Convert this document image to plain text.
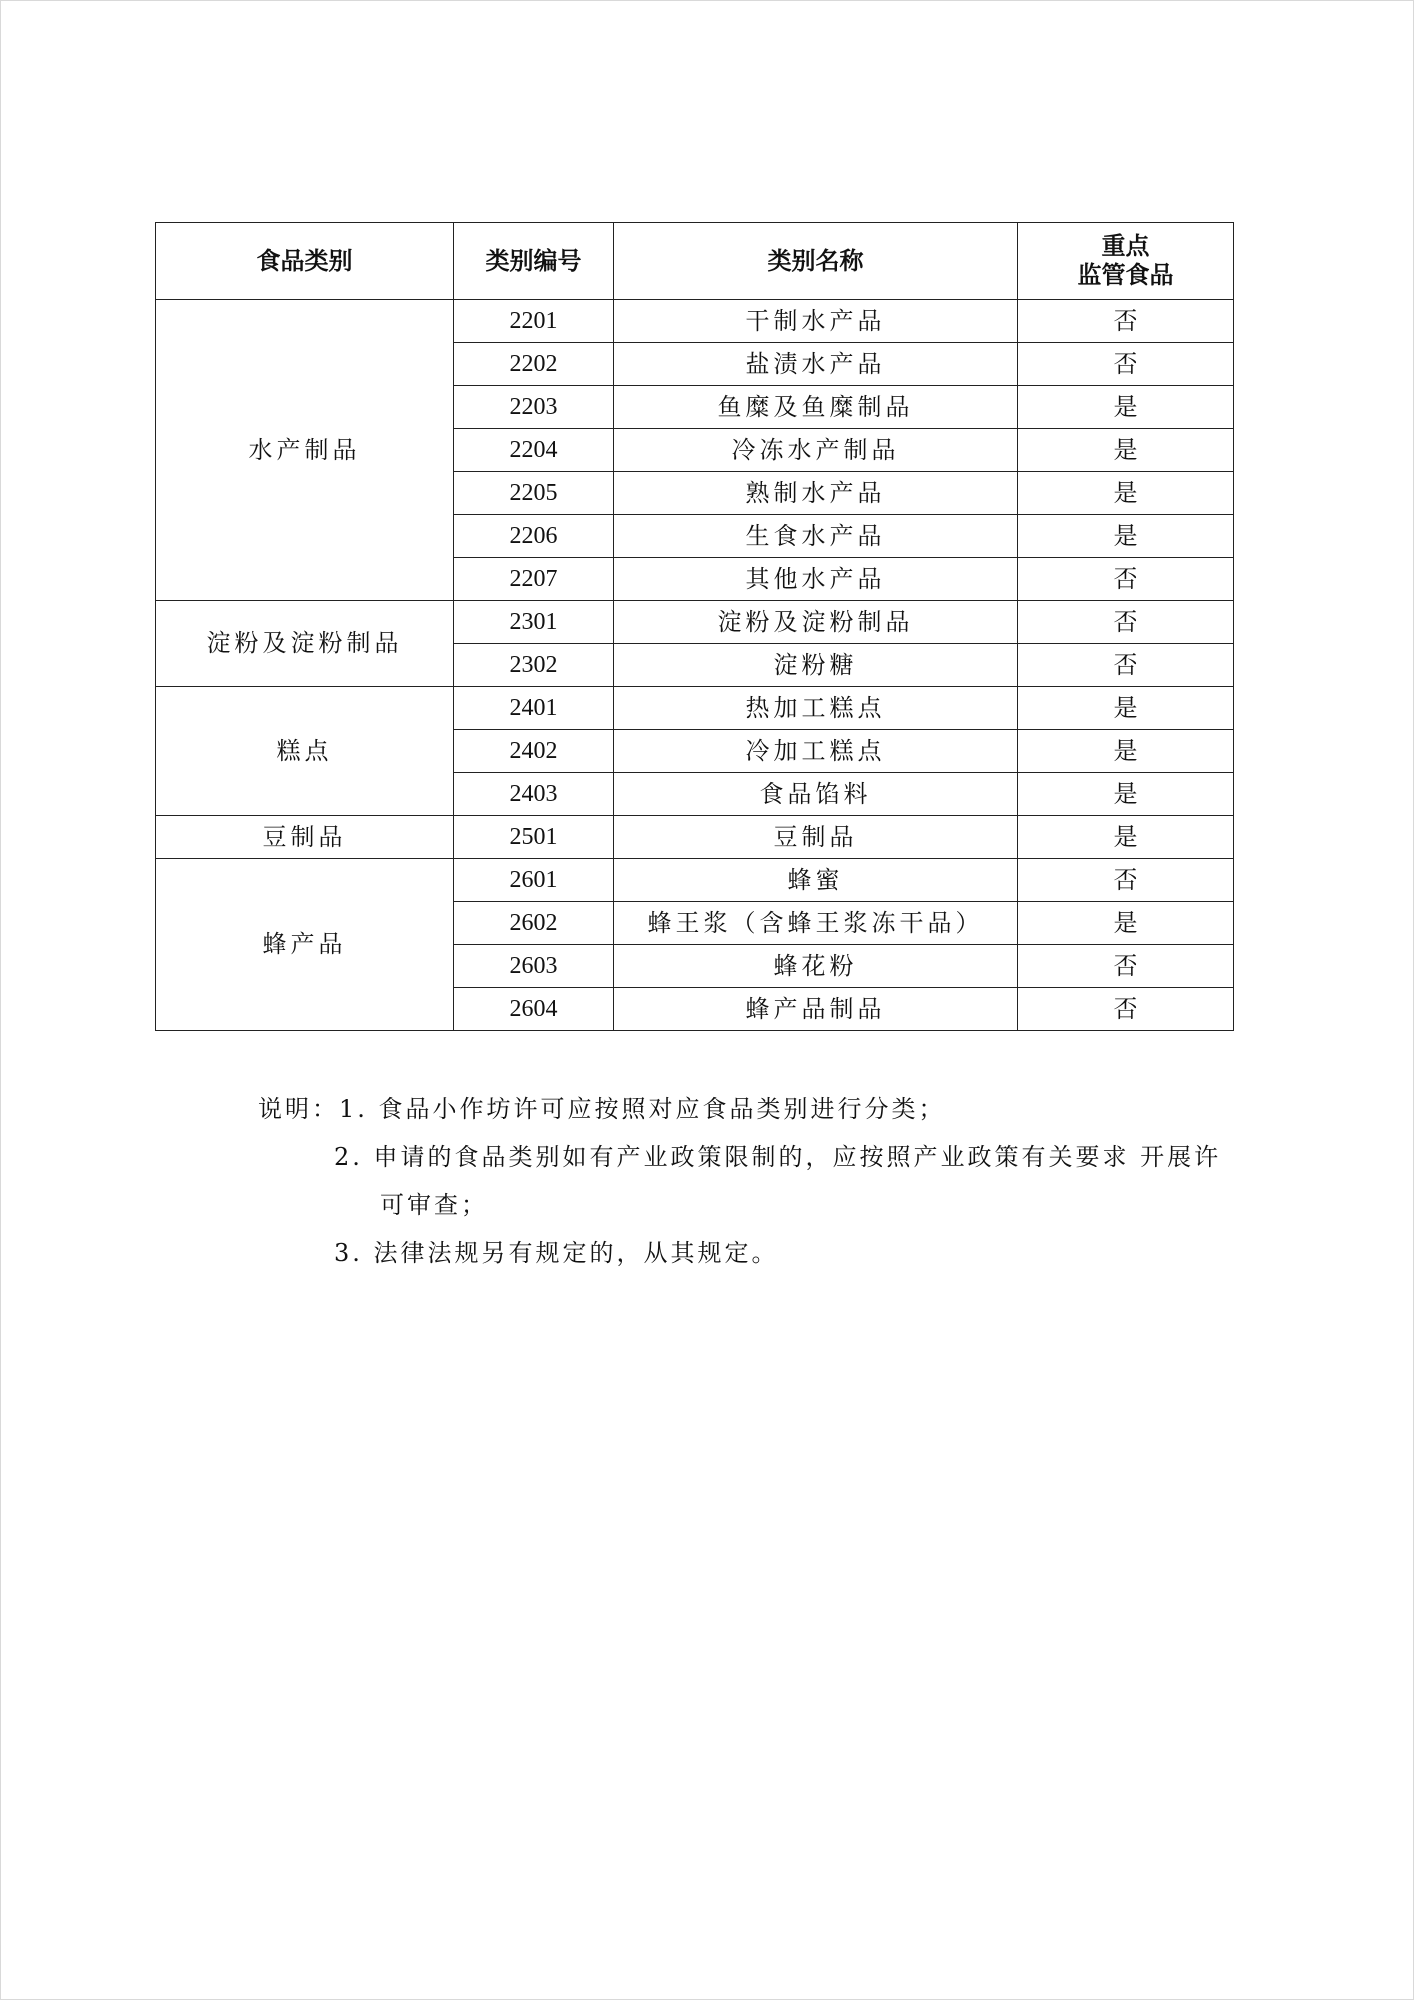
食品类别	类别编号	类别名称	重点
监管食品

水产制品	2201	干制水产品	否
	2202	盐渍水产品	否
	2203	鱼糜及鱼糜制品	是
	2204	冷冻水产制品	是
	2205	熟制水产品	是
	2206	生食水产品	是
	2207	其他水产品	否
淀粉及淀粉制品	2301	淀粉及淀粉制品	否
	2302	淀粉糖	否
糕点	2401	热加工糕点	是
	2402	冷加工糕点	是
	2403	食品馅料	是
豆制品	2501	豆制品	是
蜂产品	2601	蜂蜜	否
	2602	蜂王浆（含蜂王浆冻干品）	是
	2603	蜂花粉	否
	2604	蜂产品制品	否
说明：1. 食品小作坊许可应按照对应食品类别进行分类；
2. 申请的食品类别如有产业政策限制的，应按照产业政策有关要求 开展许
可审查；
3. 法律法规另有规定的，从其规定。
